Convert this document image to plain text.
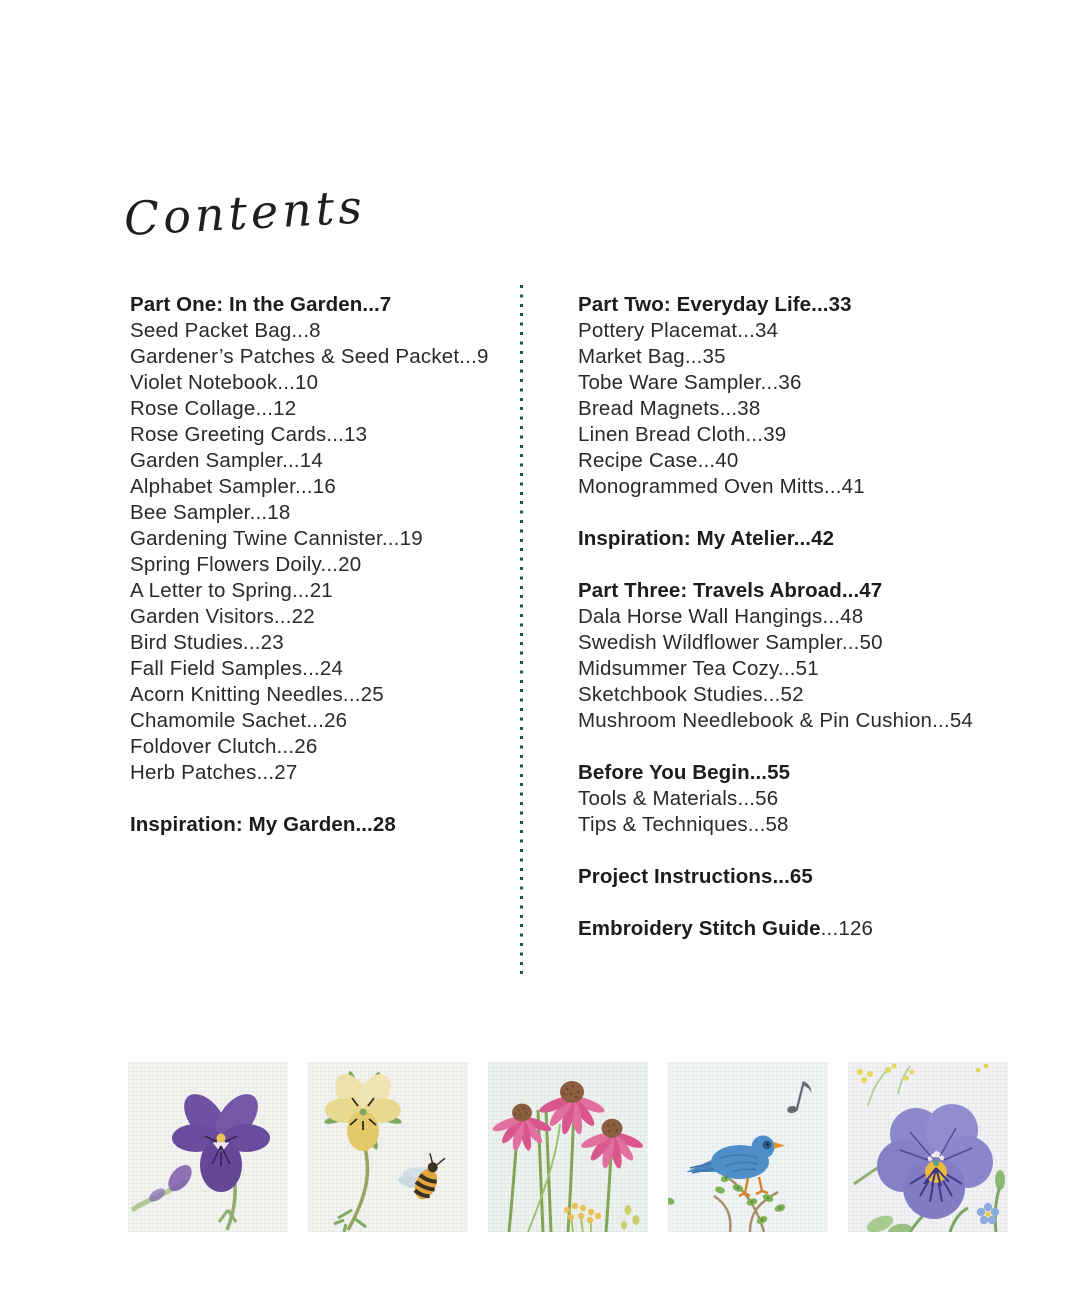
Contents
Part One: In the Garden...7
Seed Packet Bag...8
Gardener’s Patches & Seed Packet...9
Violet Notebook...10
Rose Collage...12
Rose Greeting Cards...13
Garden Sampler...14
Alphabet Sampler...16
Bee Sampler...18
Gardening Twine Cannister...19
Spring Flowers Doily...20
A Letter to Spring...21
Garden Visitors...22
Bird Studies...23
Fall Field Samples...24
Acorn Knitting Needles...25
Chamomile Sachet...26
Foldover Clutch...26
Herb Patches...27
Inspiration: My Garden...28
Part Two: Everyday Life...33
Pottery Placemat...34
Market Bag...35
Tobe Ware Sampler...36
Bread Magnets...38
Linen Bread Cloth...39
Recipe Case...40
Monogrammed Oven Mitts...41
Inspiration: My Atelier...42
Part Three: Travels Abroad...47
Dala Horse Wall Hangings...48
Swedish Wildflower Sampler...50
Midsummer Tea Cozy...51
Sketchbook Studies...52
Mushroom Needlebook & Pin Cushion...54
Before You Begin...55
Tools & Materials...56
Tips & Techniques...58
Project Instructions...65
Embroidery Stitch Guide...126
